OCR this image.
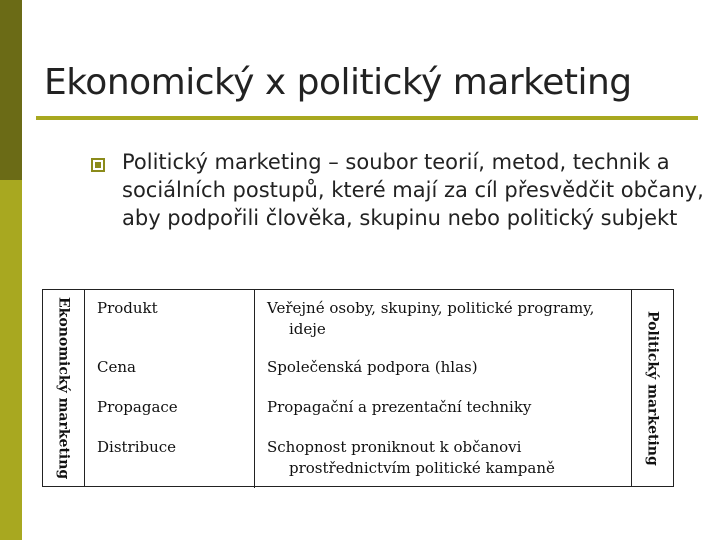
Ekonomický x politický marketing
Politický marketing – soubor teorií, metod, technik a sociálních postupů, které mají za cíl přesvědčit občany, aby podpořili člověka, skupinu nebo politický subjekt
Ekonomický marketing Produkt	Veřejné osoby, skupiny, politické programy, ideje
Cena	Společenská podpora (hlas)
Propagace	Propagační a prezentační techniky
Distribuce	Schopnost proniknout k občanovi prostřednictvím politické kampaně
Politický marketing
